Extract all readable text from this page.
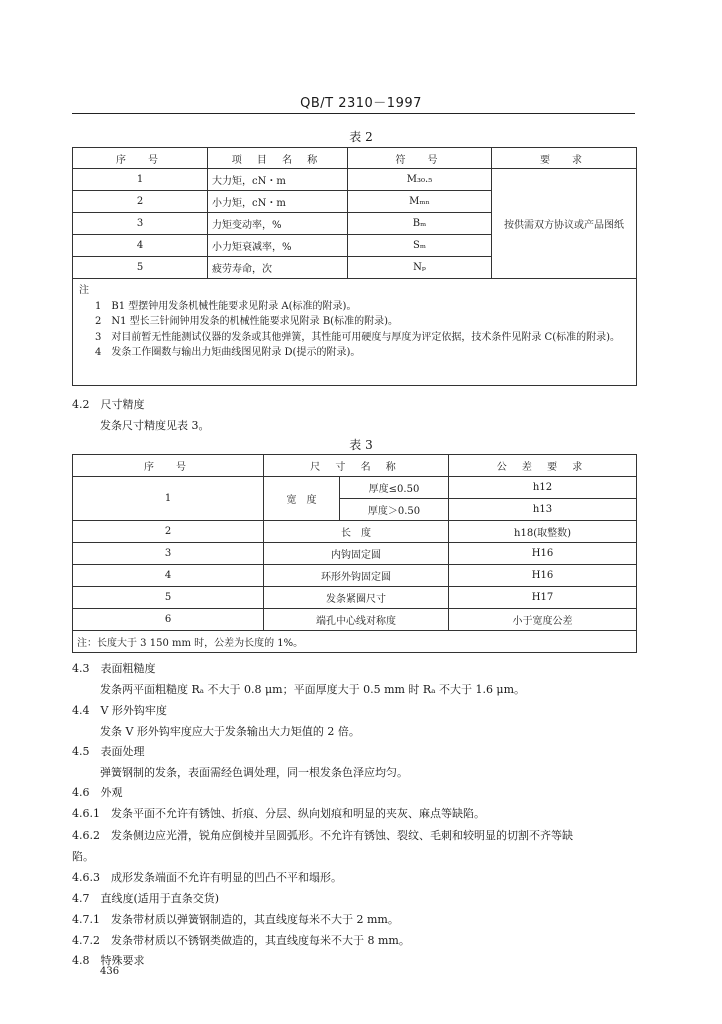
QB/T 2310－1997
表 2
序　号	项 目 名 称	符　号	要　求
1	大力矩，cN・m	M₃₀.₅	按供需双方协议或产品图纸
2	小力矩，cN・m	Mₘₙ	
3	力矩变动率，%	Bₘ	
4	小力矩衰减率，%	Sₘ	
5	疲劳寿命，次	Nₚ	

注
1　B1 型摆钟用发条机械性能要求见附录 A(标准的附录)。
2　N1 型长三针闹钟用发条的机械性能要求见附录 B(标准的附录)。
3　对目前暂无性能测试仪器的发条或其他弹簧，其性能可用硬度与厚度为评定依据，技术条件见附录 C(标准的附录)。
4　发条工作圈数与输出力矩曲线图见附录 D(提示的附录)。			
4.2　尺寸精度
发条尺寸精度见表 3。
表 3
序　号	尺 寸 名 称		公 差 要 求
1	宽　度	厚度≤0.50	h12
		厚度＞0.50	h13
2	长　度		h18(取整数)
3	内钩固定圆		H16
4	环形外钩固定圆		H16
5	发条紧圈尺寸		H17
6	端孔中心线对称度		小于宽度公差
注：长度大于 3 150 mm 时，公差为长度的 1%。			
4.3　表面粗糙度
发条两平面粗糙度 Rₐ 不大于 0.8 μm；平面厚度大于 0.5 mm 时 Rₐ 不大于 1.6 μm。
4.4　V 形外钩牢度
发条 V 形外钩牢度应大于发条输出大力矩值的 2 倍。
4.5　表面处理
弹簧钢制的发条，表面需经色调处理，同一根发条色泽应均匀。
4.6　外观
4.6.1　发条平面不允许有锈蚀、折痕、分层、纵向划痕和明显的夹灰、麻点等缺陷。
4.6.2　发条侧边应光滑，锐角应倒棱并呈圆弧形。不允许有锈蚀、裂纹、毛刺和较明显的切割不齐等缺
陷。
4.6.3　成形发条端面不允许有明显的凹凸不平和塌形。
4.7　直线度(适用于直条交货)
4.7.1　发条带材质以弹簧钢制造的，其直线度每米不大于 2 mm。
4.7.2　发条带材质以不锈钢类做造的，其直线度每米不大于 8 mm。
4.8　特殊要求
436
